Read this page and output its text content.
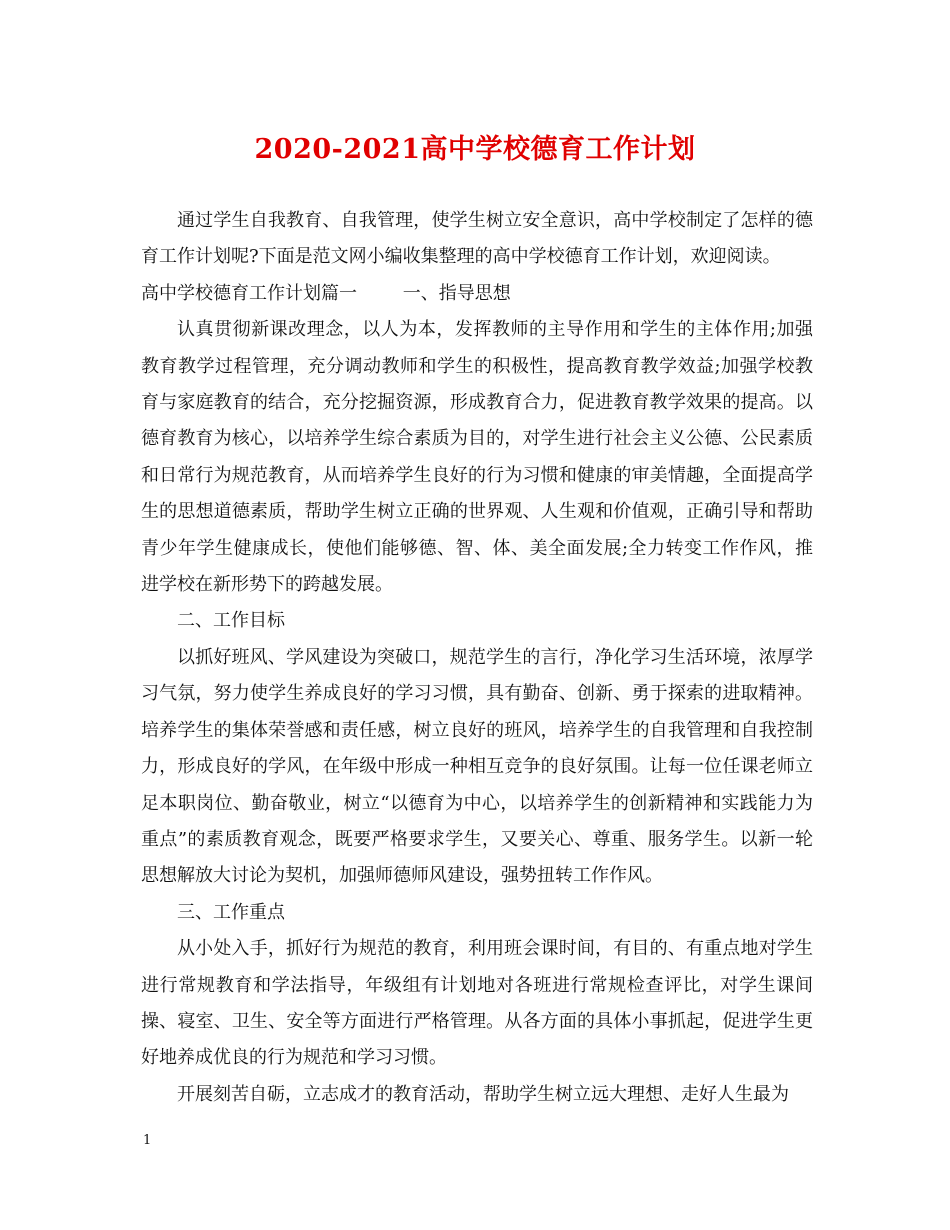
2020-2021高中学校德育工作计划

通过学生自我教育、自我管理，使学生树立安全意识，高中学校制定了怎样的德育工作计划呢?下面是范文网小编收集整理的高中学校德育工作计划，欢迎阅读。

高中学校德育工作计划篇一        一、指导思想

认真贯彻新课改理念，以人为本，发挥教师的主导作用和学生的主体作用;加强教育教学过程管理，充分调动教师和学生的积极性，提高教育教学效益;加强学校教育与家庭教育的结合，充分挖掘资源，形成教育合力，促进教育教学效果的提高。以德育教育为核心，以培养学生综合素质为目的，对学生进行社会主义公德、公民素质和日常行为规范教育，从而培养学生良好的行为习惯和健康的审美情趣，全面提高学生的思想道德素质，帮助学生树立正确的世界观、人生观和价值观，正确引导和帮助青少年学生健康成长，使他们能够德、智、体、美全面发展;全力转变工作作风，推进学校在新形势下的跨越发展。

二、工作目标

以抓好班风、学风建设为突破口，规范学生的言行，净化学习生活环境，浓厚学习气氛，努力使学生养成良好的学习习惯，具有勤奋、创新、勇于探索的进取精神。培养学生的集体荣誉感和责任感，树立良好的班风，培养学生的自我管理和自我控制力，形成良好的学风，在年级中形成一种相互竞争的良好氛围。让每一位任课老师立足本职岗位、勤奋敬业，树立“以德育为中心，以培养学生的创新精神和实践能力为重点”的素质教育观念，既要严格要求学生，又要关心、尊重、服务学生。以新一轮思想解放大讨论为契机，加强师德师风建设，强势扭转工作作风。

三、工作重点

从小处入手，抓好行为规范的教育，利用班会课时间，有目的、有重点地对学生进行常规教育和学法指导，年级组有计划地对各班进行常规检查评比，对学生课间操、寝室、卫生、安全等方面进行严格管理。从各方面的具体小事抓起，促进学生更好地养成优良的行为规范和学习习惯。

开展刻苦自砺，立志成才的教育活动，帮助学生树立远大理想、走好人生最为

1
